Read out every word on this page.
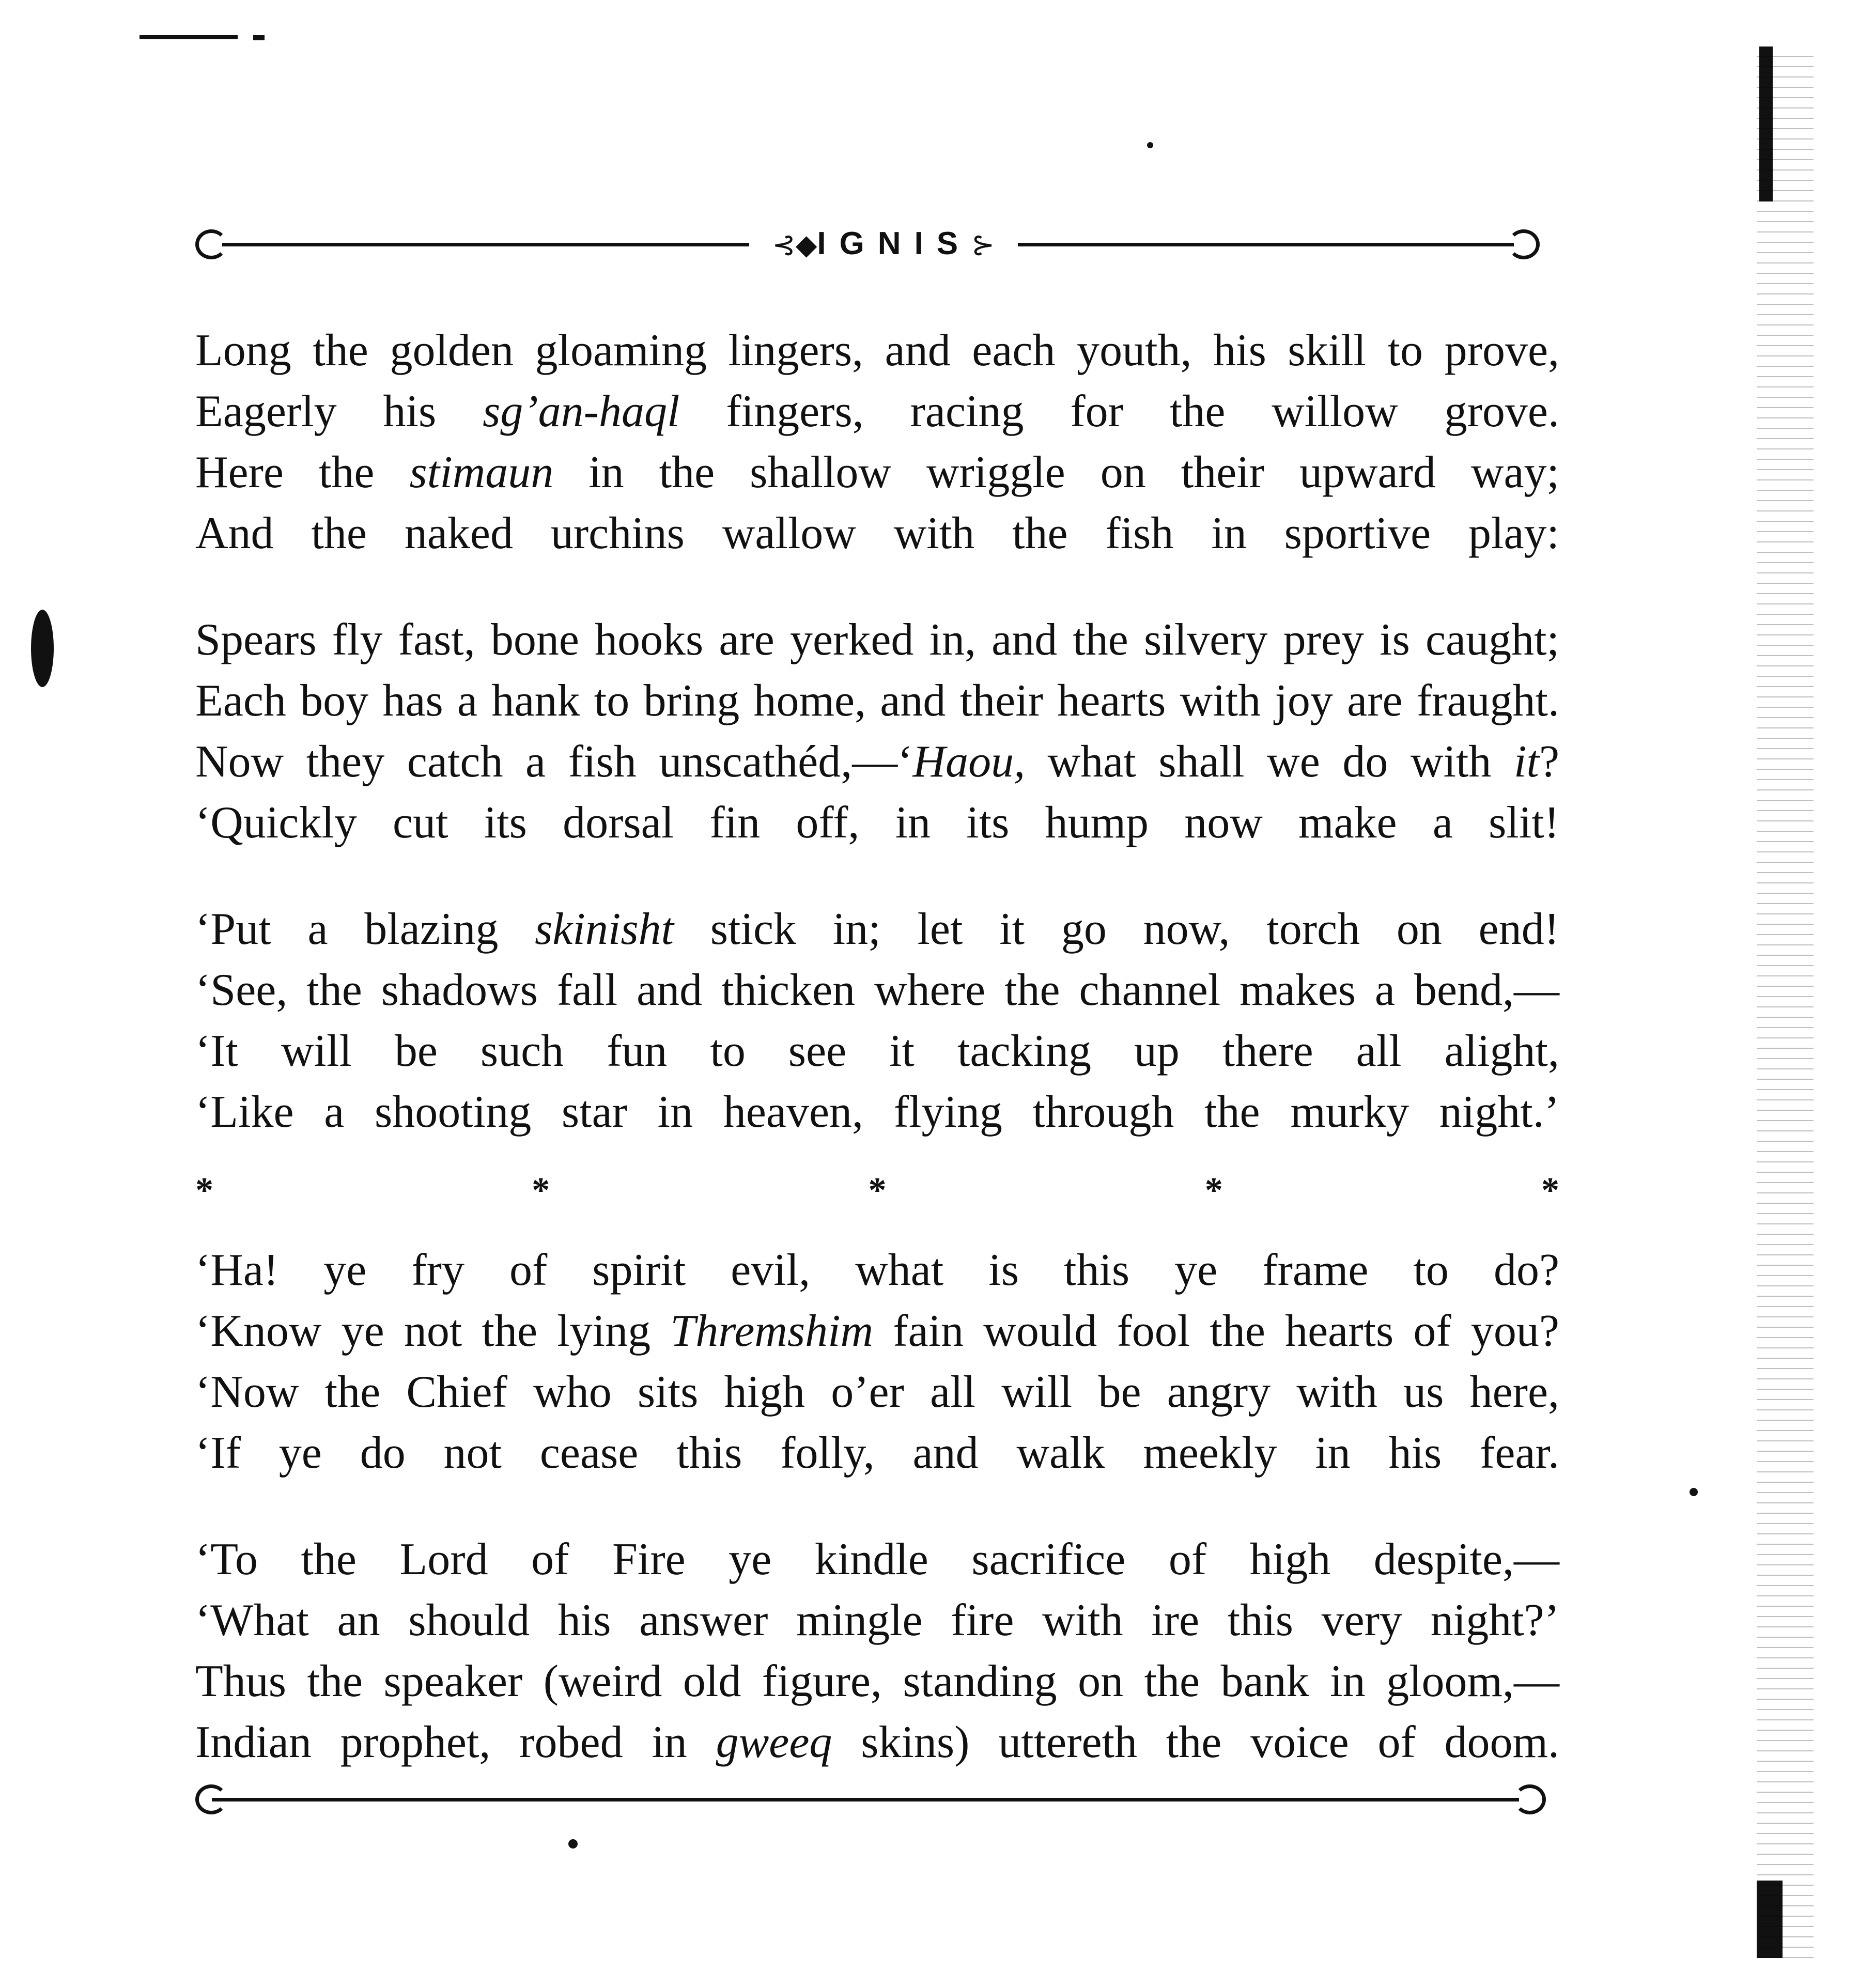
⊰◆IGNIS⊱
Long the golden gloaming lingers, and each youth, his skill to prove,
Eagerly his sg’an-haql fingers, racing for the willow grove.
Here the stimaun in the shallow wriggle on their upward way;
And the naked urchins wallow with the fish in sportive play:
Spears fly fast, bone hooks are yerked in, and the silvery prey is caught;
Each boy has a hank to bring home, and their hearts with joy are fraught.
Now they catch a fish unscathéd,—‘Haou, what shall we do with it?
‘Quickly cut its dorsal fin off, in its hump now make a slit!
‘Put a blazing skinisht stick in; let it go now, torch on end!
‘See, the shadows fall and thicken where the channel makes a bend,—
‘It will be such fun to see it tacking up there all alight,
‘Like a shooting star in heaven, flying through the murky night.’
*	*	*	*	*
‘Ha! ye fry of spirit evil, what is this ye frame to do?
‘Know ye not the lying Thremshim fain would fool the hearts of you?
‘Now the Chief who sits high o’er all will be angry with us here,
‘If ye do not cease this folly, and walk meekly in his fear.
‘To the Lord of Fire ye kindle sacrifice of high despite,—
‘What an should his answer mingle fire with ire this very night?’
Thus the speaker (weird old figure, standing on the bank in gloom,—
Indian prophet, robed in gweeq skins) uttereth the voice of doom.
